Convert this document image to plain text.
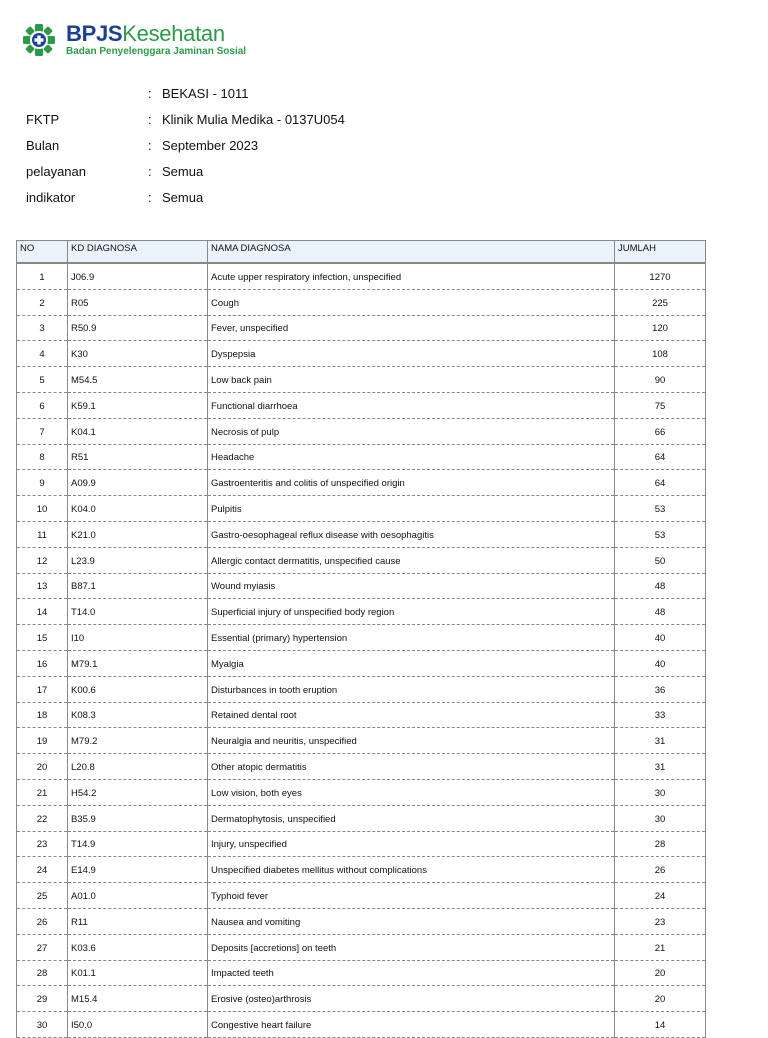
BPJSKesehatan
Badan Penyelenggara Jaminan Sosial
: BEKASI - 1011
FKTP	: Klinik Mulia Medika - 0137U054
Bulan	: September 2023
pelayanan	: Semua
indikator	: Semua
NO	KD DIAGNOSA	NAMA DIAGNOSA	JUMLAH
1	J06.9	Acute upper respiratory infection, unspecified	1270
2	R05	Cough	225
3	R50.9	Fever, unspecified	120
4	K30	Dyspepsia	108
5	M54.5	Low back pain	90
6	K59.1	Functional diarrhoea	75
7	K04.1	Necrosis of pulp	66
8	R51	Headache	64
9	A09.9	Gastroenteritis and colitis of unspecified origin	64
10	K04.0	Pulpitis	53
11	K21.0	Gastro-oesophageal reflux disease with oesophagitis	53
12	L23.9	Allergic contact dermatitis, unspecified cause	50
13	B87.1	Wound myiasis	48
14	T14.0	Superficial injury of unspecified body region	48
15	I10	Essential (primary) hypertension	40
16	M79.1	Myalgia	40
17	K00.6	Disturbances in tooth eruption	36
18	K08.3	Retained dental root	33
19	M79.2	Neuralgia and neuritis, unspecified	31
20	L20.8	Other atopic dermatitis	31
21	H54.2	Low vision, both eyes	30
22	B35.9	Dermatophytosis, unspecified	30
23	T14.9	Injury, unspecified	28
24	E14.9	Unspecified diabetes mellitus without complications	26
25	A01.0	Typhoid fever	24
26	R11	Nausea and vomiting	23
27	K03.6	Deposits [accretions] on teeth	21
28	K01.1	Impacted teeth	20
29	M15.4	Erosive (osteo)arthrosis	20
30	I50.0	Congestive heart failure	14
